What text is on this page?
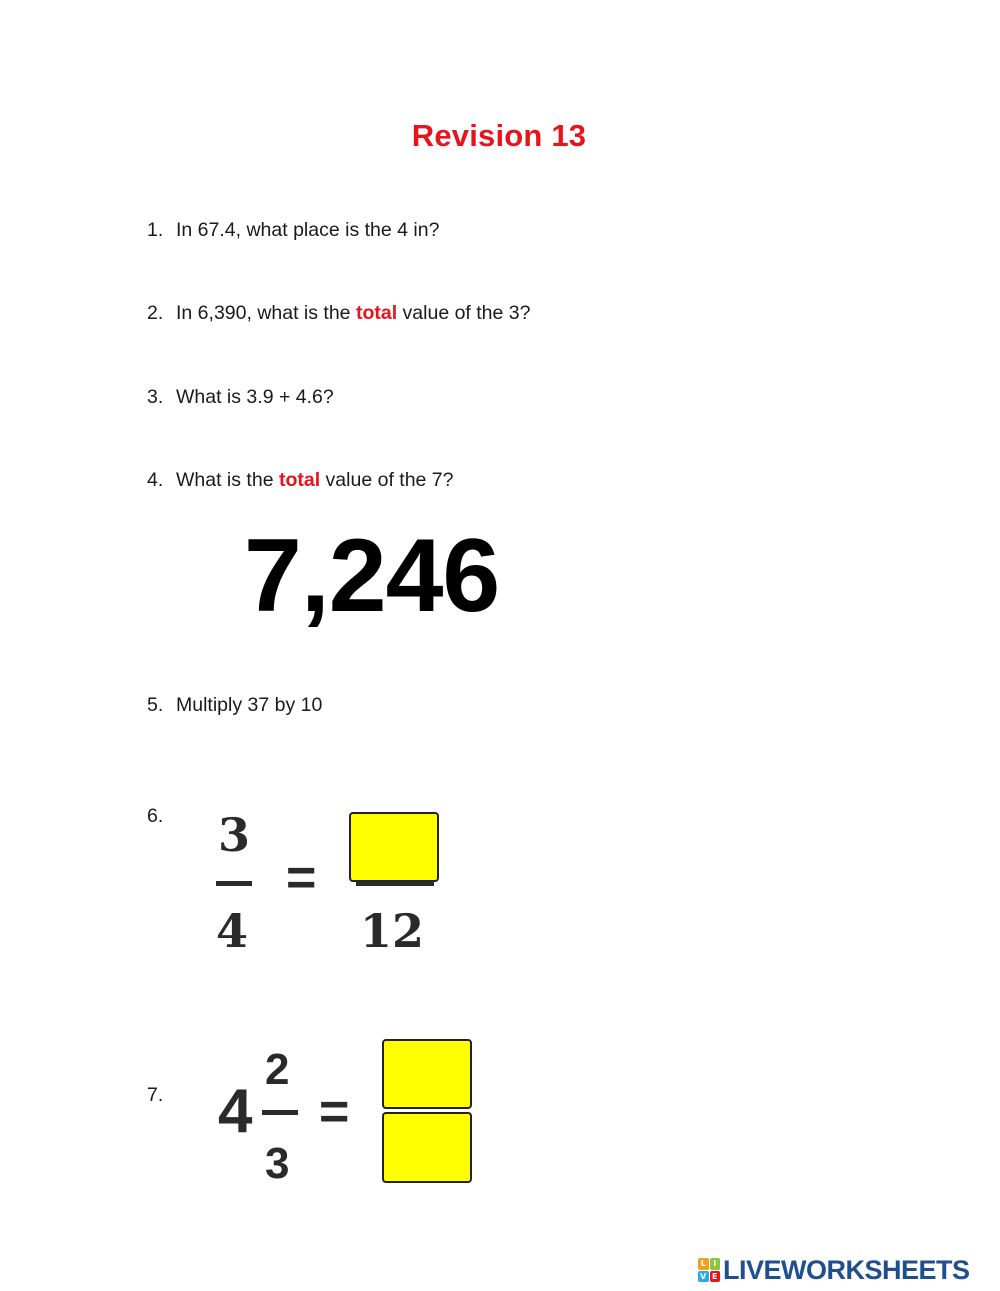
Revision 13
1. In 67.4, what place is the 4 in?
2. In 6,390, what is the total value of the 3?
3. What is 3.9 + 4.6?
4. What is the total value of the 7?
7,246
5. Multiply 37 by 10
6. 3
4
=
12
7. 4
2
3
=
L I
V E LIVEWORKSHEETS
